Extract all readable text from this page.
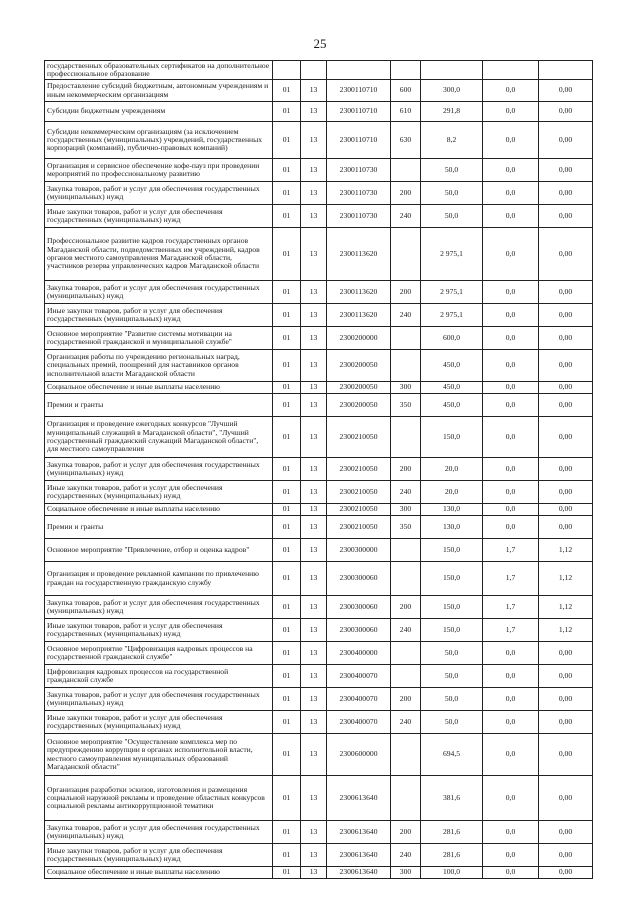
25
государственных образовательных сертификатов на дополнительное профессиональное образование							
Предоставление субсидий бюджетным, автономным учреждениям и иным некоммерческим организациям	01	13	2300110710	600	300,0	0,0	0,00
Субсидии бюджетным учреждениям	01	13	2300110710	610	291,8	0,0	0,00
Субсидии некоммерческим организациям (за исключением государственных (муниципальных) учреждений, государственных корпораций (компаний), публично-правовых компаний)	01	13	2300110710	630	8,2	0,0	0,00
Организация и сервисное обеспечение кофе-пауз при проведении мероприятий по профессиональному развитию	01	13	2300110730		50,0	0,0	0,00
Закупка товаров, работ и услуг для обеспечения государственных (муниципальных) нужд	01	13	2300110730	200	50,0	0,0	0,00
Иные закупки товаров, работ и услуг для обеспечения государственных (муниципальных) нужд	01	13	2300110730	240	50,0	0,0	0,00
Профессиональное развитие кадров государственных органов Магаданской области, подведомственных им учреждений, кадров органов местного самоуправления Магаданской области, участников резерва управленческих кадров Магаданской области	01	13	2300113620		2 975,1	0,0	0,00
Закупка товаров, работ и услуг для обеспечения государственных (муниципальных) нужд	01	13	2300113620	200	2 975,1	0,0	0,00
Иные закупки товаров, работ и услуг для обеспечения государственных (муниципальных) нужд	01	13	2300113620	240	2 975,1	0,0	0,00
Основное мероприятие "Развитие системы мотивации на государственной гражданской и муниципальной службе"	01	13	2300200000		600,0	0,0	0,00
Организация работы по учреждению региональных наград, специальных премий, поощрений для наставников органов исполнительной власти Магаданской области	01	13	2300200050		450,0	0,0	0,00
Социальное обеспечение и иные выплаты населению	01	13	2300200050	300	450,0	0,0	0,00
Премии и гранты	01	13	2300200050	350	450,0	0,0	0,00
Организация и проведение ежегодных конкурсов "Лучший муниципальный служащий в Магаданской области", "Лучший государственный гражданский служащий Магаданской области", для местного самоуправления	01	13	2300210050		150,0	0,0	0,00
Закупка товаров, работ и услуг для обеспечения государственных (муниципальных) нужд	01	13	2300210050	200	20,0	0,0	0,00
Иные закупки товаров, работ и услуг для обеспечения государственных (муниципальных) нужд	01	13	2300210050	240	20,0	0,0	0,00
Социальное обеспечение и иные выплаты населению	01	13	2300210050	300	130,0	0,0	0,00
Премии и гранты	01	13	2300210050	350	130,0	0,0	0,00
Основное мероприятие "Привлечение, отбор и оценка кадров"	01	13	2300300000		150,0	1,7	1,12
Организация и проведение рекламной кампании по привлечению граждан на государственную гражданскую службу	01	13	2300300060		150,0	1,7	1,12
Закупка товаров, работ и услуг для обеспечения государственных (муниципальных) нужд	01	13	2300300060	200	150,0	1,7	1,12
Иные закупки товаров, работ и услуг для обеспечения государственных (муниципальных) нужд	01	13	2300300060	240	150,0	1,7	1,12
Основное мероприятие "Цифровизация кадровых процессов на государственной гражданской службе"	01	13	2300400000		50,0	0,0	0,00
Цифровизация кадровых процессов на государственной гражданской службе	01	13	2300400070		50,0	0,0	0,00
Закупка товаров, работ и услуг для обеспечения государственных (муниципальных) нужд	01	13	2300400070	200	50,0	0,0	0,00
Иные закупки товаров, работ и услуг для обеспечения государственных (муниципальных) нужд	01	13	2300400070	240	50,0	0,0	0,00
Основное мероприятие "Осуществление комплекса мер по предупреждению коррупции в органах исполнительной власти, местного самоуправления муниципальных образований Магаданской области"	01	13	2300600000		694,5	0,0	0,00
Организация разработки эскизов, изготовления и размещения социальной наружной рекламы и проведение областных конкурсов социальной рекламы антикоррупционной тематики	01	13	2300613640		381,6	0,0	0,00
Закупка товаров, работ и услуг для обеспечения государственных (муниципальных) нужд	01	13	2300613640	200	281,6	0,0	0,00
Иные закупки товаров, работ и услуг для обеспечения государственных (муниципальных) нужд	01	13	2300613640	240	281,6	0,0	0,00
Социальное обеспечение и иные выплаты населению	01	13	2300613640	300	100,0	0,0	0,00
